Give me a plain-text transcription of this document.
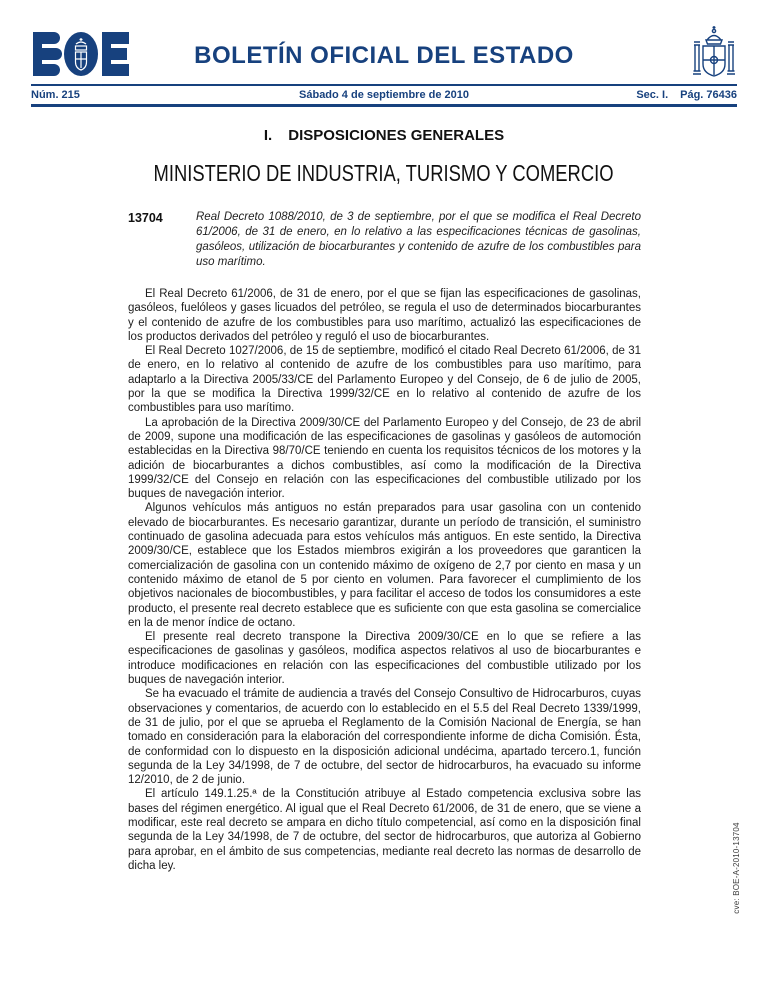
BOLETÍN OFICIAL DEL ESTADO
Núm. 215	Sábado 4 de septiembre de 2010	Sec. I. Pág. 76436
I. DISPOSICIONES GENERALES
MINISTERIO DE INDUSTRIA, TURISMO Y COMERCIO
13704	Real Decreto 1088/2010, de 3 de septiembre, por el que se modifica el Real Decreto 61/2006, de 31 de enero, en lo relativo a las especificaciones técnicas de gasolinas, gasóleos, utilización de biocarburantes y contenido de azufre de los combustibles para uso marítimo.

El Real Decreto 61/2006, de 31 de enero, por el que se fijan las especificaciones de gasolinas, gasóleos, fuelóleos y gases licuados del petróleo, se regula el uso de determinados biocarburantes y el contenido de azufre de los combustibles para uso marítimo, actualizó las especificaciones de los productos derivados del petróleo y reguló el uso de biocarburantes.

El Real Decreto 1027/2006, de 15 de septiembre, modificó el citado Real Decreto 61/2006, de 31 de enero, en lo relativo al contenido de azufre de los combustibles para uso marítimo, para adaptarlo a la Directiva 2005/33/CE del Parlamento Europeo y del Consejo, de 6 de julio de 2005, por la que se modifica la Directiva 1999/32/CE en lo relativo al contenido de azufre de los combustibles para uso marítimo.

La aprobación de la Directiva 2009/30/CE del Parlamento Europeo y del Consejo, de 23 de abril de 2009, supone una modificación de las especificaciones de gasolinas y gasóleos de automoción establecidas en la Directiva 98/70/CE teniendo en cuenta los requisitos técnicos de los motores y la adición de biocarburantes a dichos combustibles, así como la modificación de la Directiva 1999/32/CE del Consejo en relación con las especificaciones del combustible utilizado por los buques de navegación interior.

Algunos vehículos más antiguos no están preparados para usar gasolina con un contenido elevado de biocarburantes. Es necesario garantizar, durante un período de transición, el suministro continuado de gasolina adecuada para estos vehículos más antiguos. En este sentido, la Directiva 2009/30/CE, establece que los Estados miembros exigirán a los proveedores que garanticen la comercialización de gasolina con un contenido máximo de oxígeno de 2,7 por ciento en masa y un contenido máximo de etanol de 5 por ciento en volumen. Para favorecer el cumplimiento de los objetivos nacionales de biocombustibles, y para facilitar el acceso de todos los consumidores a este producto, el presente real decreto establece que es suficiente con que esta gasolina se comercialice en la de menor índice de octano.

El presente real decreto transpone la Directiva 2009/30/CE en lo que se refiere a las especificaciones de gasolinas y gasóleos, modifica aspectos relativos al uso de biocarburantes e introduce modificaciones en relación con las especificaciones del combustible utilizado por los buques de navegación interior.

Se ha evacuado el trámite de audiencia a través del Consejo Consultivo de Hidrocarburos, cuyas observaciones y comentarios, de acuerdo con lo establecido en el 5.5 del Real Decreto 1339/1999, de 31 de julio, por el que se aprueba el Reglamento de la Comisión Nacional de Energía, se han tomado en consideración para la elaboración del correspondiente informe de dicha Comisión. Ésta, de conformidad con lo dispuesto en la disposición adicional undécima, apartado tercero.1, función segunda de la Ley 34/1998, de 7 de octubre, del sector de hidrocarburos, ha evacuado su informe 12/2010, de 2 de junio.

El artículo 149.1.25.ª de la Constitución atribuye al Estado competencia exclusiva sobre las bases del régimen energético. Al igual que el Real Decreto 61/2006, de 31 de enero, que se viene a modificar, este real decreto se ampara en dicho título competencial, así como en la disposición final segunda de la Ley 34/1998, de 7 de octubre, del sector de hidrocarburos, que autoriza al Gobierno para aprobar, en el ámbito de sus competencias, mediante real decreto las normas de desarrollo de dicha ley.	cve: BOE-A-2010-13704
